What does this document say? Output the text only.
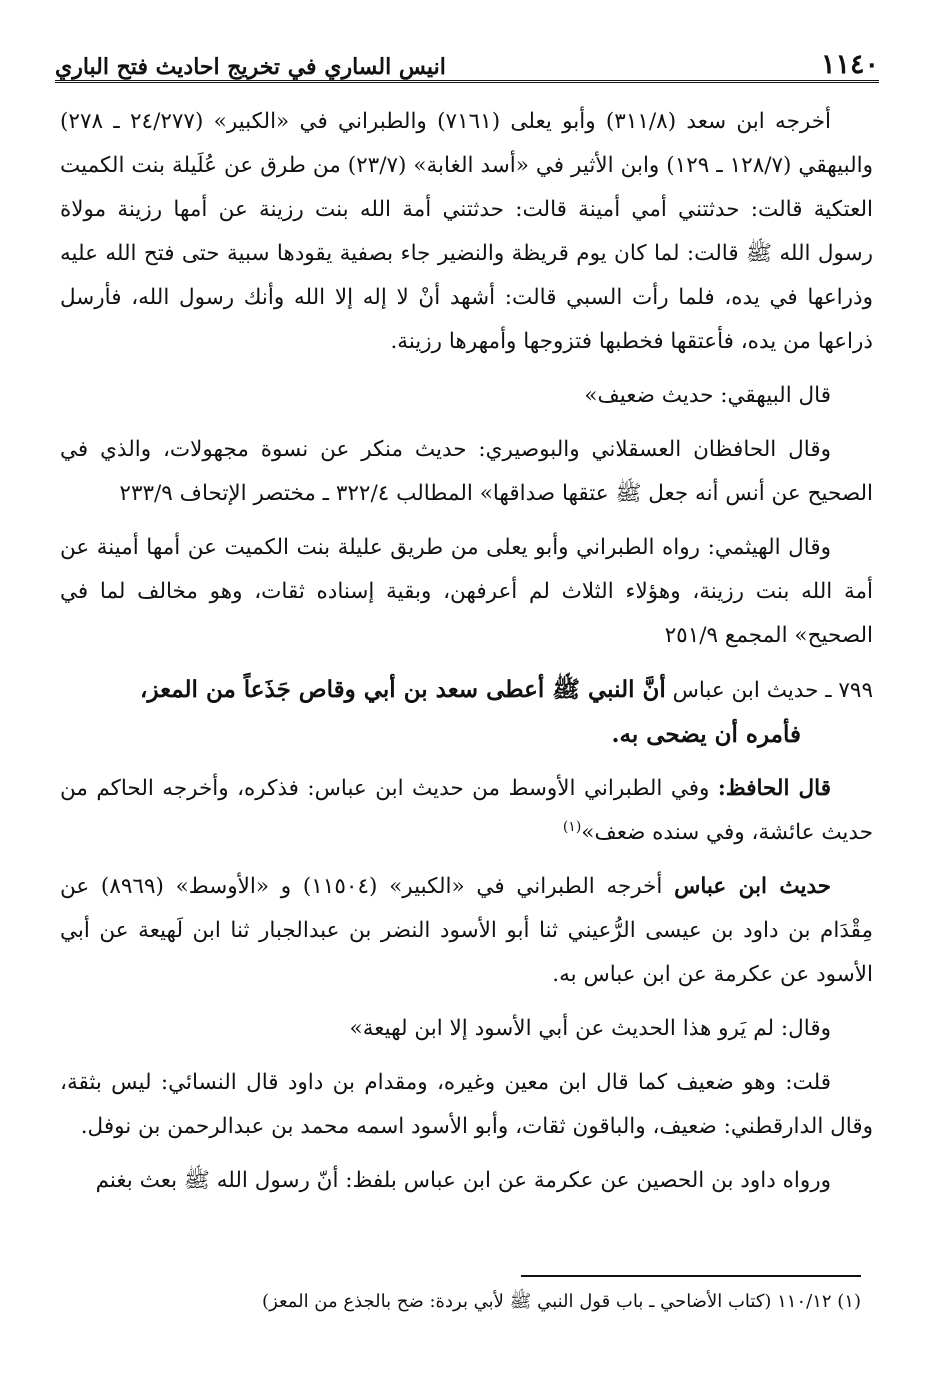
١١٤٠
انيس الساري في تخريج احاديث فتح الباري

أخرجه ابن سعد (٣١١/٨) وأبو يعلى (٧١٦١) والطبراني في «الكبير» (٢٤/٢٧٧ ـ ٢٧٨) والبيهقي (١٢٨/٧ ـ ١٢٩) وابن الأثير في «أسد الغابة» (٢٣/٧) من طرق عن عُلَيلة بنت الكميت العتكية قالت: حدثتني أمي أمينة قالت: حدثتني أمة الله بنت رزينة عن أمها رزينة مولاة رسول الله ﷺ قالت: لما كان يوم قريظة والنضير جاء بصفية يقودها سبية حتى فتح الله عليه وذراعها في يده، فلما رأت السبي قالت: أشهد أنْ لا إله إلا الله وأنك رسول الله، فأرسل ذراعها من يده، فأعتقها فخطبها فتزوجها وأمهرها رزينة.

قال البيهقي: حديث ضعيف»

وقال الحافظان العسقلاني والبوصيري: حديث منكر عن نسوة مجهولات، والذي في الصحيح عن أنس أنه جعل ﷺ عتقها صداقها» المطالب ٣٢٢/٤ ـ مختصر الإتحاف ٢٣٣/٩

وقال الهيثمي: رواه الطبراني وأبو يعلى من طريق عليلة بنت الكميت عن أمها أمينة عن أمة الله بنت رزينة، وهؤلاء الثلاث لم أعرفهن، وبقية إسناده ثقات، وهو مخالف لما في الصحيح» المجمع ٢٥١/٩

٧٩٩ ـ حديث ابن عباس أنَّ النبي ﷺ أعطى سعد بن أبي وقاص جَذَعاً من المعز،

فأمره أن يضحى به.

قال الحافظ: وفي الطبراني الأوسط من حديث ابن عباس: فذكره، وأخرجه الحاكم من حديث عائشة، وفي سنده ضعف»$^{(١)}$

حديث ابن عباس أخرجه الطبراني في «الكبير» (١١٥٠٤) و «الأوسط» (٨٩٦٩) عن مِقْدَام بن داود بن عيسى الرُّعيني ثنا أبو الأسود النضر بن عبدالجبار ثنا ابن لَهيعة عن أبي الأسود عن عكرمة عن ابن عباس به.

وقال: لم يَرو هذا الحديث عن أبي الأسود إلا ابن لهيعة»

قلت: وهو ضعيف كما قال ابن معين وغيره، ومقدام بن داود قال النسائي: ليس بثقة، وقال الدارقطني: ضعيف، والباقون ثقات، وأبو الأسود اسمه محمد بن عبدالرحمن بن نوفل.

ورواه داود بن الحصين عن عكرمة عن ابن عباس بلفظ: أنّ رسول الله ﷺ بعث بغنم

(١) ١١٠/١٢ (كتاب الأضاحي ـ باب قول النبي ﷺ لأبي بردة: ضح بالجذع من المعز)
